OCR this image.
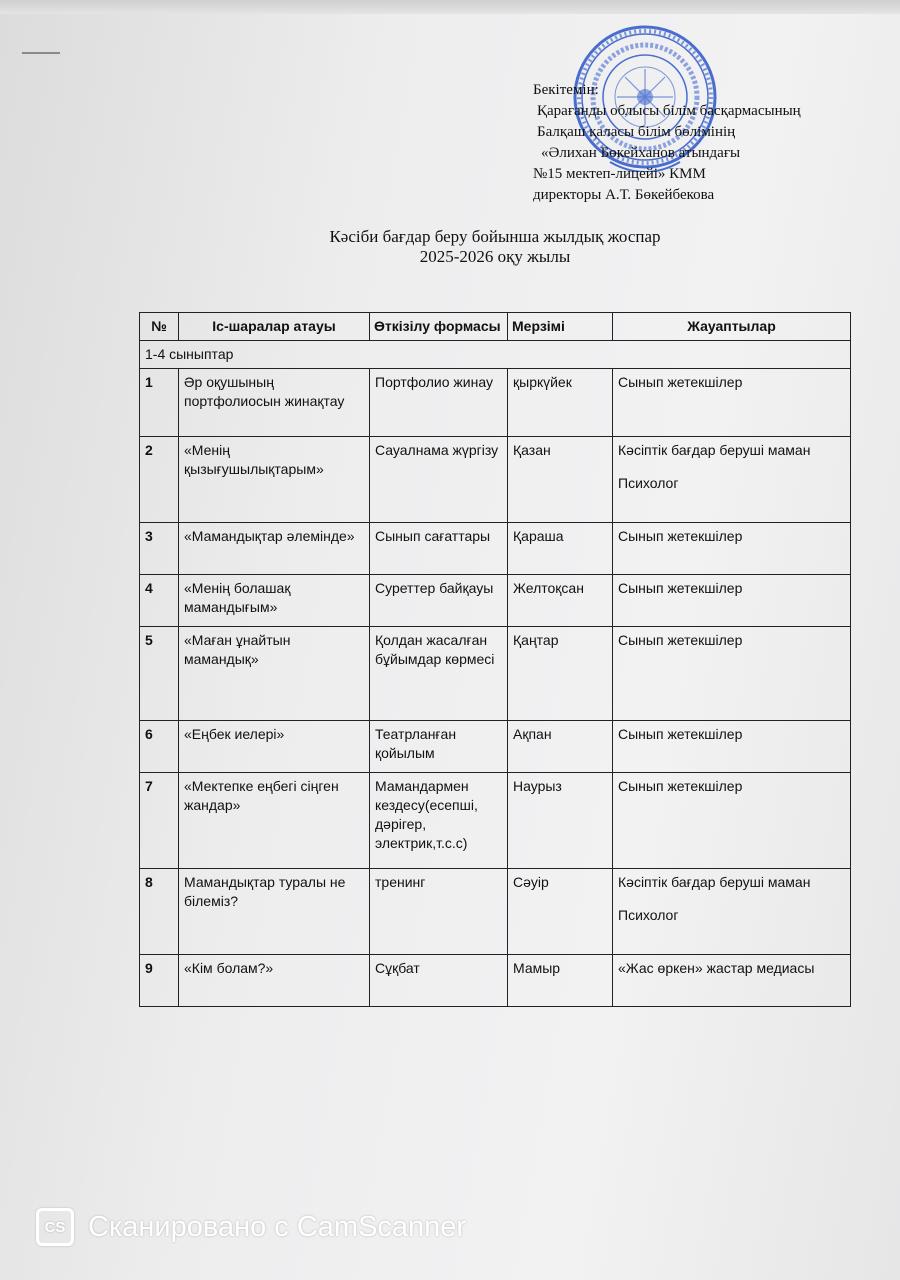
Бекітемін:
Қарағанды облысы білім басқармасының
Балқаш қаласы білім бөлімінің
«Әлихан Бөкейханов атындағы
№15 мектеп-лицейі» КММ
директоры А.Т. Бөкейбекова
Кәсіби бағдар беру бойынша жылдық жоспар
2025-2026 оқу жылы
№	Іс-шаралар атауы	Өткізілу формасы	Мерзімі	Жауаптылар
1-4 сыныптар				
1	Әр оқушының портфолиосын жинақтау	Портфолио жинау	қыркүйек	Сынып жетекшілер

2	«Менің қызығушылықтарым»	Сауалнама жүргізу	Қазан	Кәсіптік бағдар беруші маман
Психолог

3	«Мамандықтар әлемінде»	Сынып сағаттары	Қараша	Сынып жетекшілер

4	«Менің болашақ мамандығым»	Суреттер байқауы	Желтоқсан	Сынып жетекшілер

5	«Маған ұнайтын мамандық»	Қолдан жасалған бұйымдар көрмесі	Қаңтар	Сынып жетекшілер

6	«Еңбек иелері»	Театрланған қойылым	Ақпан	Сынып жетекшілер

7	«Мектепке еңбегі сіңген жандар»	Мамандармен кездесу(есепші, дәрігер, электрик,т.с.с)	Наурыз	Сынып жетекшілер

8	Мамандықтар туралы не білеміз?	тренинг	Сәуір	Кәсіптік бағдар беруші маман
Психолог

9	«Кім болам?»	Сұқбат	Мамыр	«Жас өркен» жастар медиасы
CS Сканировано с CamScanner
